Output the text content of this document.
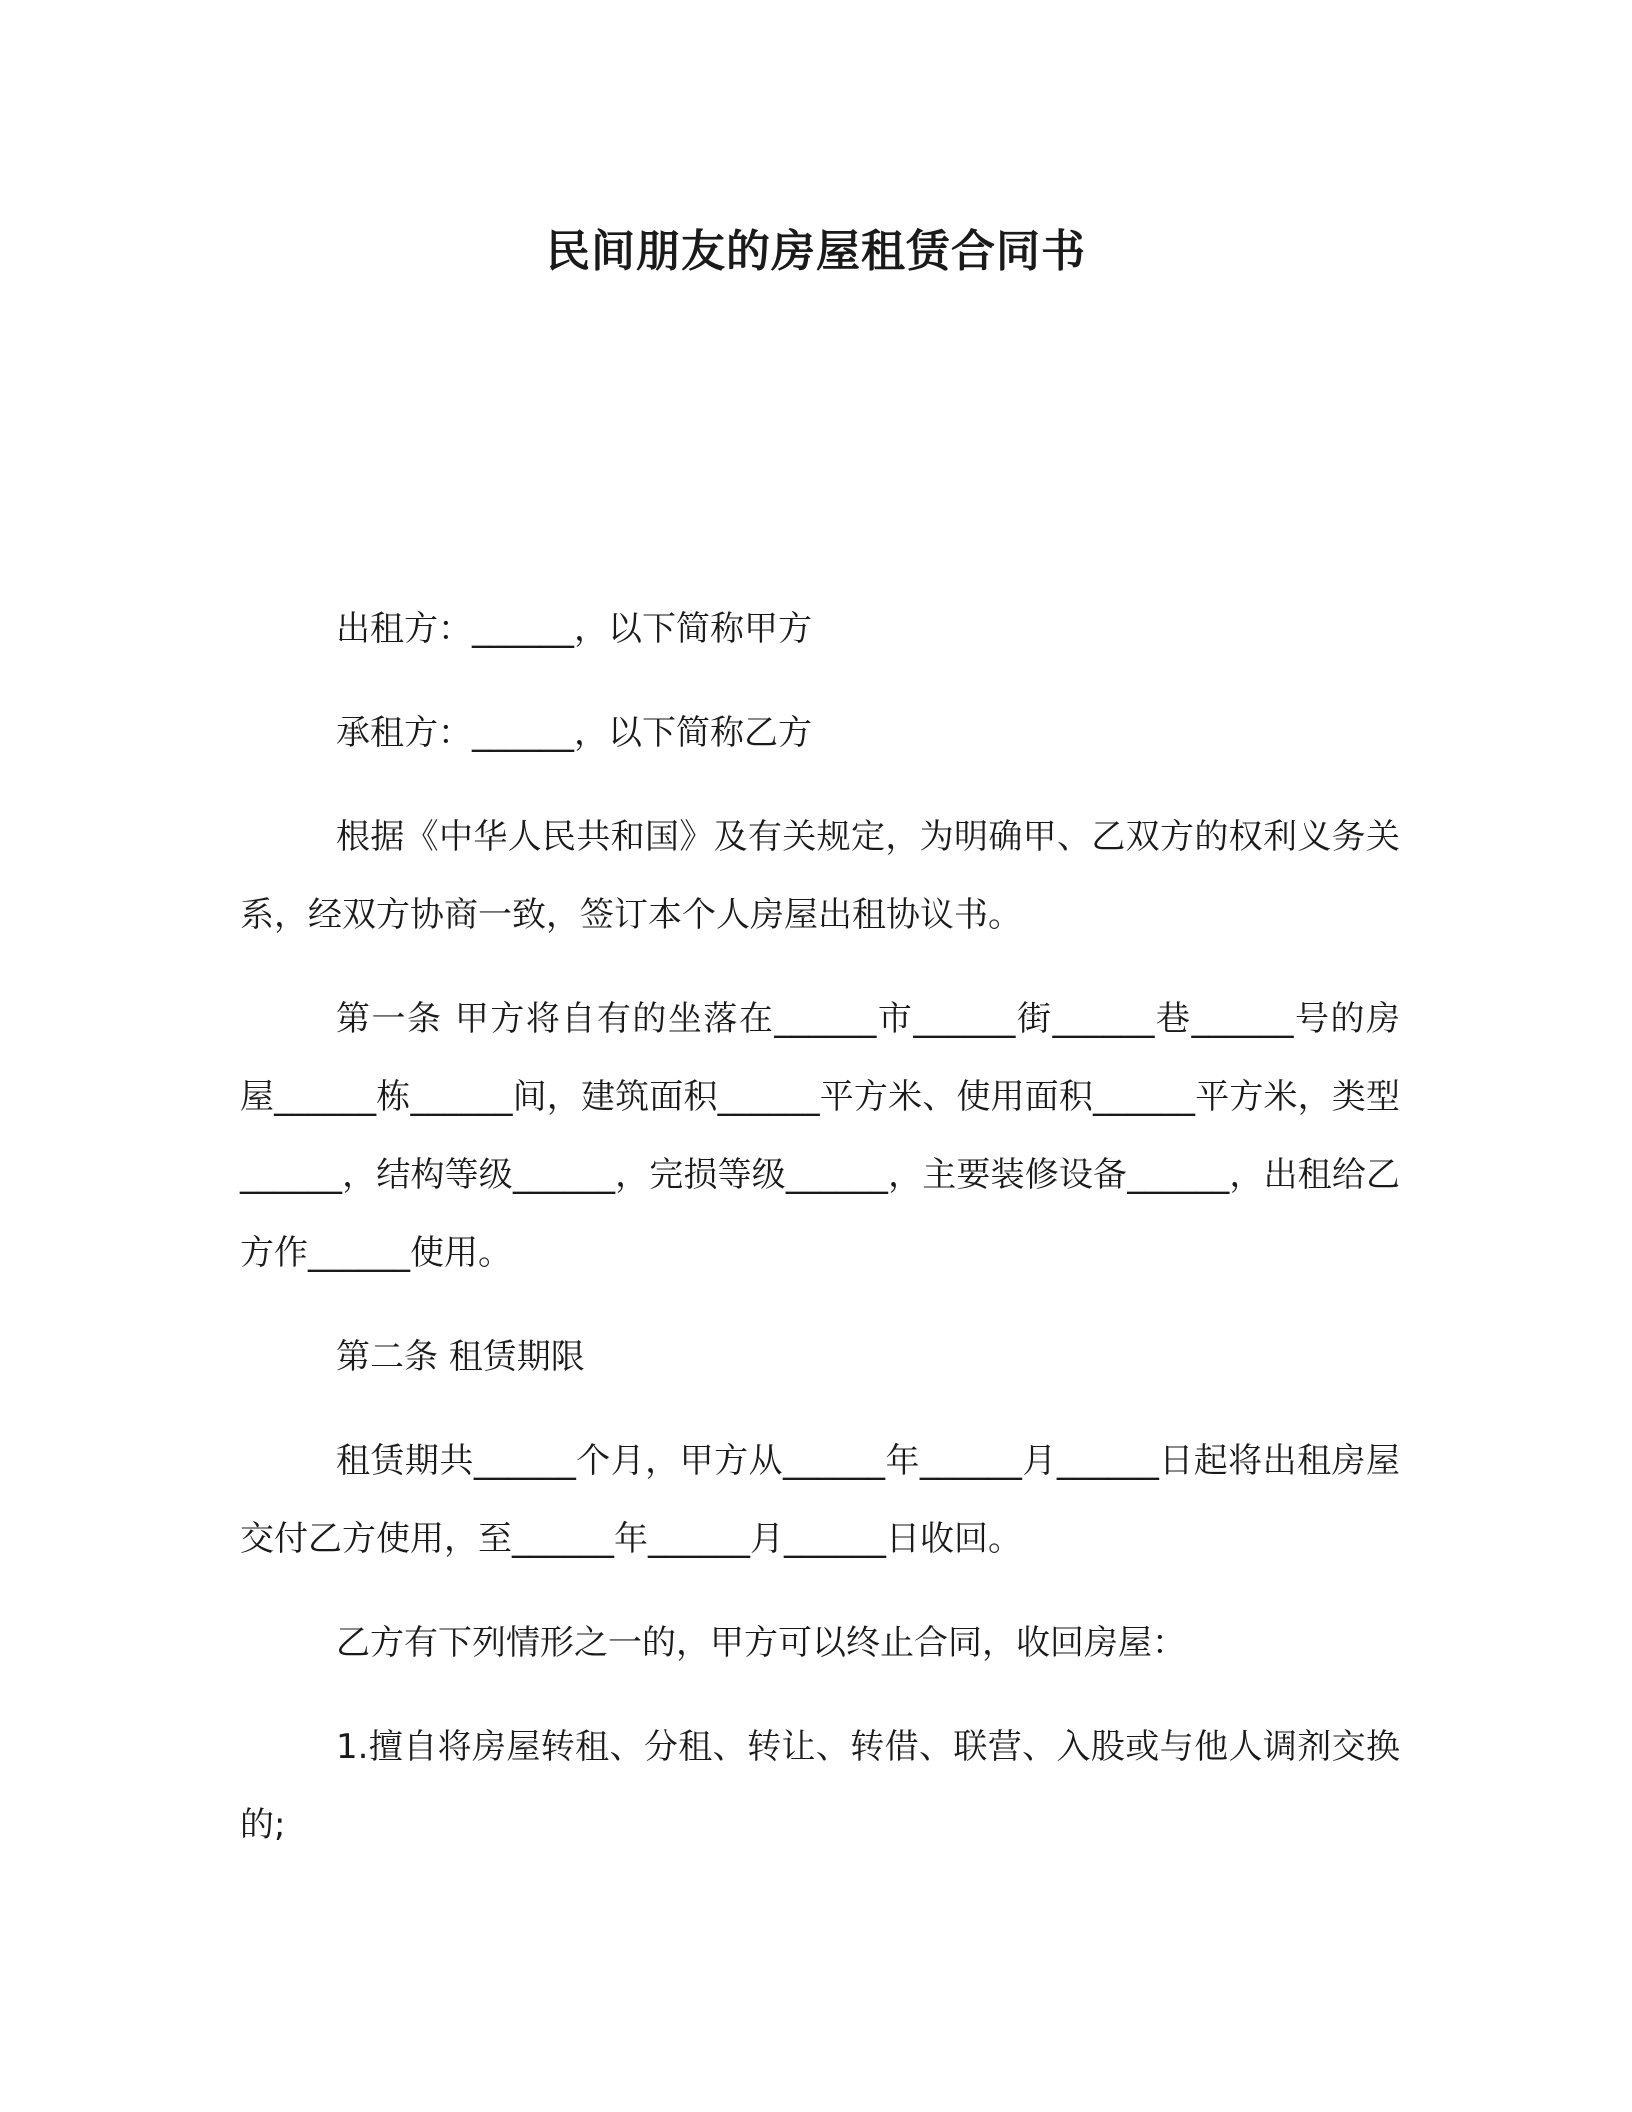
民间朋友的房屋租赁合同书

出租方：______，以下简称甲方

承租方：______，以下简称乙方

根据《中华人民共和国》及有关规定，为明确甲、乙双方的权利义务关系，经双方协商一致，签订本个人房屋出租协议书。

第一条 甲方将自有的坐落在______市______街______巷______号的房屋______栋______间，建筑面积______平方米、使用面积______平方米，类型______，结构等级______，完损等级______，主要装修设备______，出租给乙方作______使用。

第二条 租赁期限

租赁期共______个月，甲方从______年______月______日起将出租房屋交付乙方使用，至______年______月______日收回。

乙方有下列情形之一的，甲方可以终止合同，收回房屋：

1.擅自将房屋转租、分租、转让、转借、联营、入股或与他人调剂交换的;
